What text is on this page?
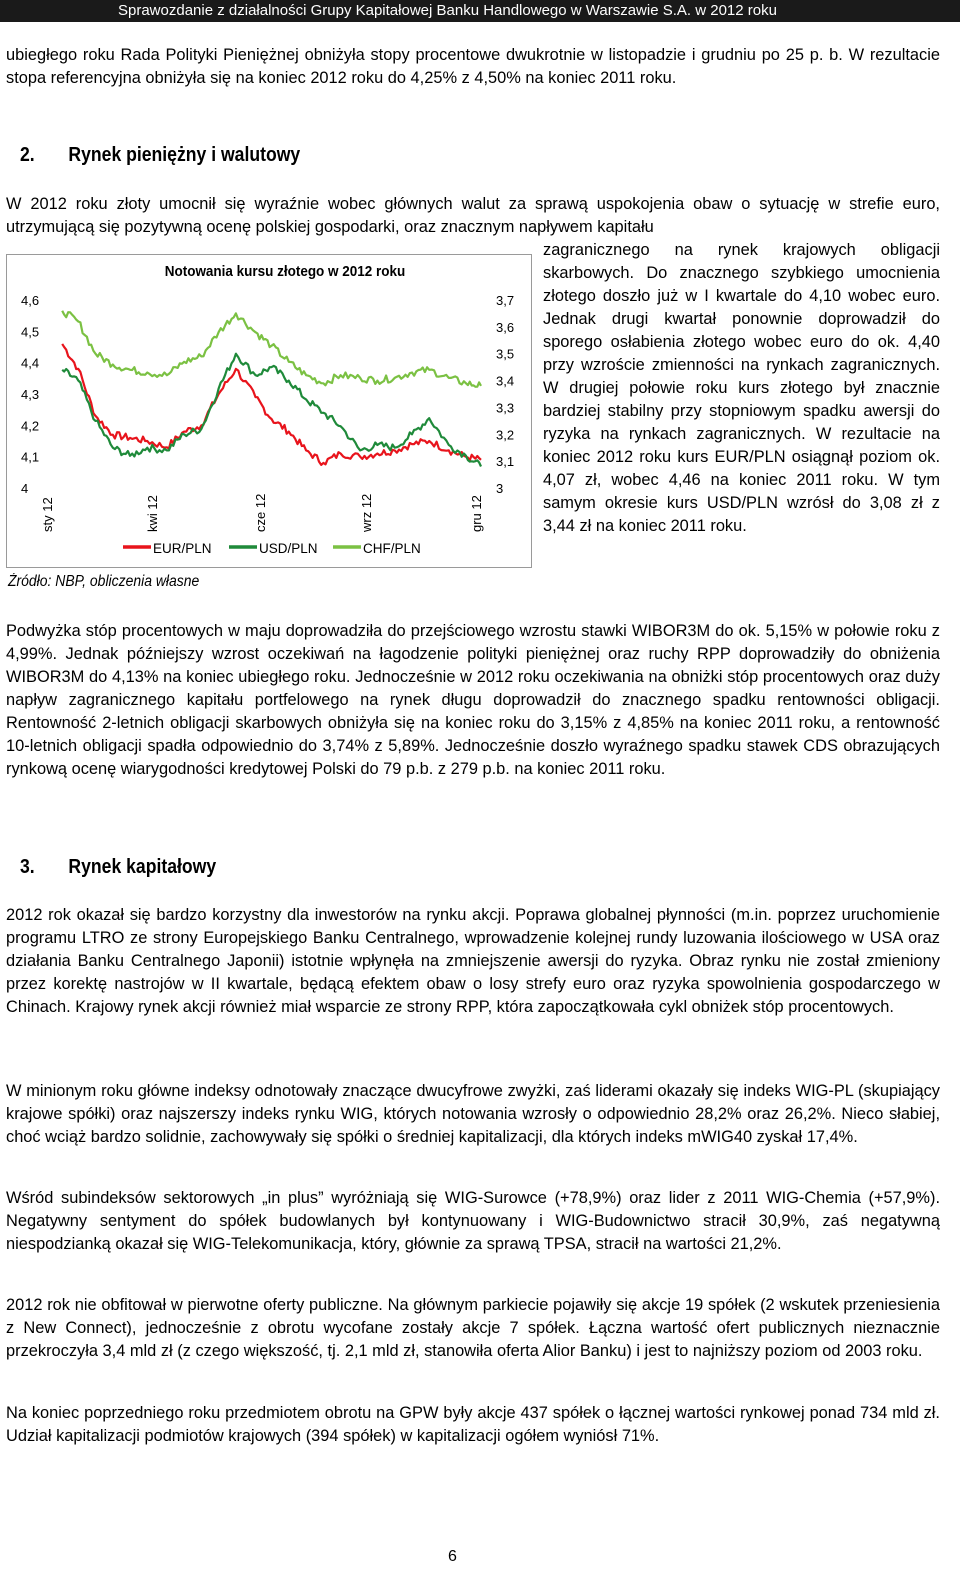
Sprawozdanie z działalności Grupy Kapitałowej Banku Handlowego w Warszawie S.A. w 2012 roku

ubiegłego roku Rada Polityki Pieniężnej obniżyła stopy procentowe dwukrotnie w listopadzie i grudniu po 25 p. b. W rezultacie stopa referencyjna obniżyła się na koniec 2012 roku do 4,25% z 4,50% na koniec 2011 roku.

2. Rynek pieniężny i walutowy

W 2012 roku złoty umocnił się wyraźnie wobec głównych walut za sprawą uspokojenia obaw o sytuację w strefie euro, utrzymującą się pozytywną ocenę polskiej gospodarki, oraz znacznym napływem kapitału

Notowania kursu złotego w 2012 roku
4,6
4,5
4,4
4,3
4,2
4,1
4
3,7
3,6
3,5
3,4
3,3
3,2
3,1
3
sty 12	kwi 12	cze 12	wrz 12	gru 12
EUR/PLN	USD/PLN	CHF/PLN
Źródło: NBP, obliczenia własne

zagranicznego na rynek krajowych obligacji skarbowych. Do znacznego szybkiego umocnienia złotego doszło już w I kwartale do 4,10 wobec euro. Jednak drugi kwartał ponownie doprowadził do sporego osłabienia złotego wobec euro do ok. 4,40 przy wzroście zmienności na rynkach zagranicznych. W drugiej połowie roku kurs złotego był znacznie bardziej stabilny przy stopniowym spadku awersji do ryzyka na rynkach zagranicznych. W rezultacie na koniec 2012 roku kurs EUR/PLN osiągnął poziom ok. 4,07 zł, wobec 4,46 na koniec 2011 roku. W tym samym okresie kurs USD/PLN wzrósł do 3,08 zł z 3,44 zł na koniec 2011 roku.

Podwyżka stóp procentowych w maju doprowadziła do przejściowego wzrostu stawki WIBOR3M do ok. 5,15% w połowie roku z 4,99%. Jednak późniejszy wzrost oczekiwań na łagodzenie polityki pieniężnej oraz ruchy RPP doprowadziły do obniżenia WIBOR3M do 4,13% na koniec ubiegłego roku. Jednocześnie w 2012 roku oczekiwania na obniżki stóp procentowych oraz duży napływ zagranicznego kapitału portfelowego na rynek długu doprowadził do znacznego spadku rentowności obligacji. Rentowność 2-letnich obligacji skarbowych obniżyła się na koniec roku do 3,15% z 4,85% na koniec 2011 roku, a rentowność 10-letnich obligacji spadła odpowiednio do 3,74% z 5,89%. Jednocześnie doszło wyraźnego spadku stawek CDS obrazujących rynkową ocenę wiarygodności kredytowej Polski do 79 p.b. z 279 p.b. na koniec 2011 roku.

3. Rynek kapitałowy

2012 rok okazał się bardzo korzystny dla inwestorów na rynku akcji. Poprawa globalnej płynności (m.in. poprzez uruchomienie programu LTRO ze strony Europejskiego Banku Centralnego, wprowadzenie kolejnej rundy luzowania ilościowego w USA oraz działania Banku Centralnego Japonii) istotnie wpłynęła na zmniejszenie awersji do ryzyka. Obraz rynku nie został zmieniony przez korektę nastrojów w II kwartale, będącą efektem obaw o losy strefy euro oraz ryzyka spowolnienia gospodarczego w Chinach. Krajowy rynek akcji również miał wsparcie ze strony RPP, która zapoczątkowała cykl obniżek stóp procentowych.

W minionym roku główne indeksy odnotowały znaczące dwucyfrowe zwyżki, zaś liderami okazały się indeks WIG-PL (skupiający krajowe spółki) oraz najszerszy indeks rynku WIG, których notowania wzrosły o odpowiednio 28,2% oraz 26,2%. Nieco słabiej, choć wciąż bardzo solidnie, zachowywały się spółki o średniej kapitalizacji, dla których indeks mWIG40 zyskał 17,4%.

Wśród subindeksów sektorowych „in plus” wyróżniają się WIG-Surowce (+78,9%) oraz lider z 2011 WIG-Chemia (+57,9%). Negatywny sentyment do spółek budowlanych był kontynuowany i WIG-Budownictwo stracił 30,9%, zaś negatywną niespodzianką okazał się WIG-Telekomunikacja, który, głównie za sprawą TPSA, stracił na wartości 21,2%.

2012 rok nie obfitował w pierwotne oferty publiczne. Na głównym parkiecie pojawiły się akcje 19 spółek (2 wskutek przeniesienia z New Connect), jednocześnie z obrotu wycofane zostały akcje 7 spółek. Łączna wartość ofert publicznych nieznacznie przekroczyła 3,4 mld zł (z czego większość, tj. 2,1 mld zł, stanowiła oferta Alior Banku) i jest to najniższy poziom od 2003 roku.

Na koniec poprzedniego roku przedmiotem obrotu na GPW były akcje 437 spółek o łącznej wartości rynkowej ponad 734 mld zł. Udział kapitalizacji podmiotów krajowych (394 spółek) w kapitalizacji ogółem wyniósł 71%.

6
